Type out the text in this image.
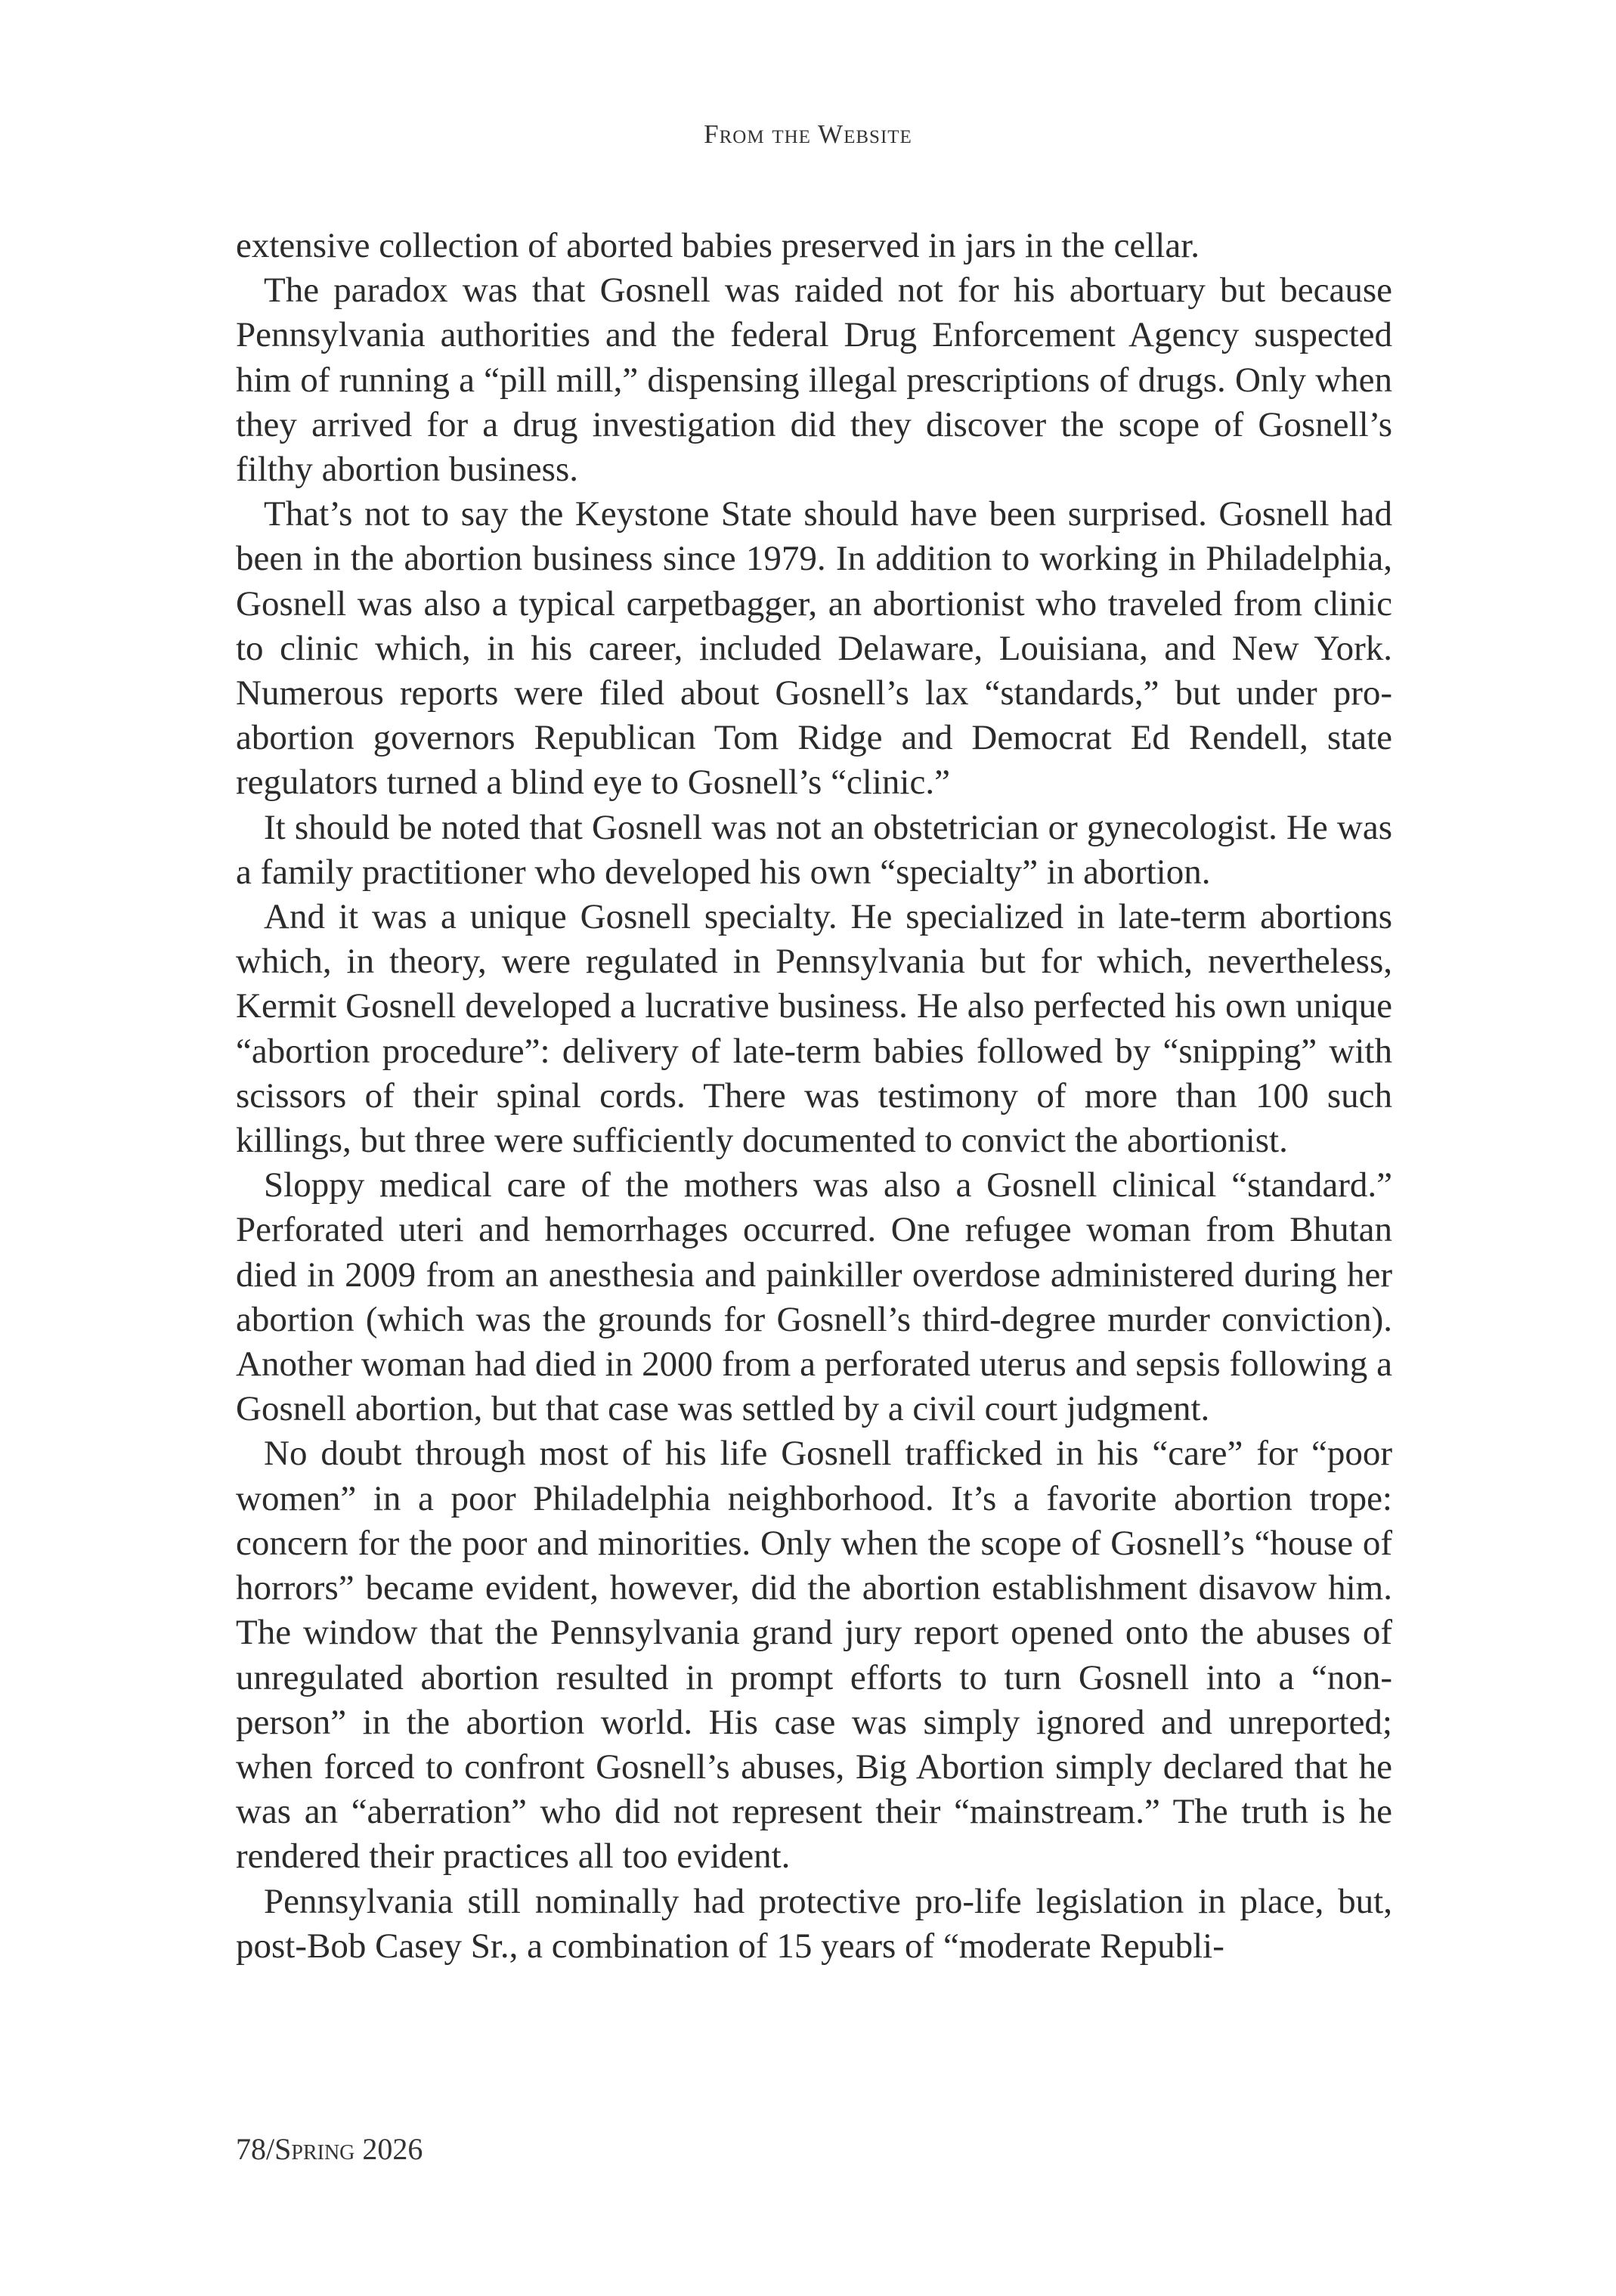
From the Website

extensive collection of aborted babies preserved in jars in the cellar.

The paradox was that Gosnell was raided not for his abortuary but because Pennsylvania authorities and the federal Drug Enforcement Agency suspected him of running a “pill mill,” dispensing illegal prescriptions of drugs. Only when they arrived for a drug investigation did they discover the scope of Gosnell’s filthy abortion business.

That’s not to say the Keystone State should have been surprised. Gosnell had been in the abortion business since 1979. In addition to working in Philadelphia, Gosnell was also a typical carpetbagger, an abortionist who traveled from clinic to clinic which, in his career, included Delaware, Louisiana, and New York. Numerous reports were filed about Gosnell’s lax “standards,” but under pro-abortion governors Republican Tom Ridge and Democrat Ed Rendell, state regulators turned a blind eye to Gosnell’s “clinic.”

It should be noted that Gosnell was not an obstetrician or gynecologist. He was a family practitioner who developed his own “specialty” in abortion.

And it was a unique Gosnell specialty. He specialized in late-term abortions which, in theory, were regulated in Pennsylvania but for which, nevertheless, Kermit Gosnell developed a lucrative business. He also perfected his own unique “abortion procedure”: delivery of late-term babies followed by “snipping” with scissors of their spinal cords. There was testimony of more than 100 such killings, but three were sufficiently documented to convict the abortionist.

Sloppy medical care of the mothers was also a Gosnell clinical “standard.” Perforated uteri and hemorrhages occurred. One refugee woman from Bhutan died in 2009 from an anesthesia and painkiller overdose administered during her abortion (which was the grounds for Gosnell’s third-degree murder conviction). Another woman had died in 2000 from a perforated uterus and sepsis following a Gosnell abortion, but that case was settled by a civil court judgment.

No doubt through most of his life Gosnell trafficked in his “care” for “poor women” in a poor Philadelphia neighborhood. It’s a favorite abortion trope: concern for the poor and minorities. Only when the scope of Gosnell’s “house of horrors” became evident, however, did the abortion establishment disavow him. The window that the Pennsylvania grand jury report opened onto the abuses of unregulated abortion resulted in prompt efforts to turn Gosnell into a “non-person” in the abortion world. His case was simply ignored and unreported; when forced to confront Gosnell’s abuses, Big Abortion simply declared that he was an “aberration” who did not represent their “mainstream.” The truth is he rendered their practices all too evident.

Pennsylvania still nominally had protective pro-life legislation in place, but, post-Bob Casey Sr., a combination of 15 years of “moderate Republi-

78/Spring 2026
